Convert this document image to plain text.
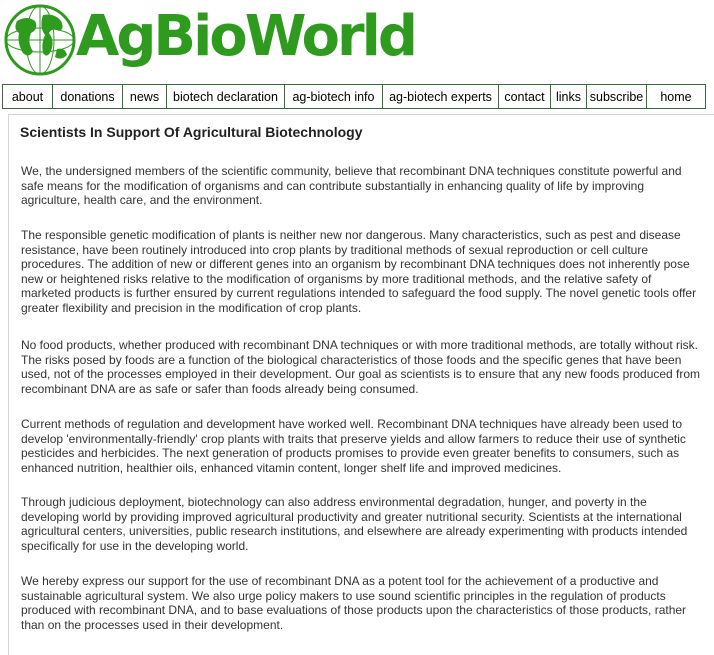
AgBioWorld
about	donations	news	biotech declaration	ag-biotech info	ag-biotech experts contact links subscribe	home
Scientists In Support Of Agricultural Biotechnology

We, the undersigned members of the scientific community, believe that recombinant DNA techniques constitute powerful and safe means for the modification of organisms and can contribute substantially in enhancing quality of life by improving agriculture, health care, and the environment.

The responsible genetic modification of plants is neither new nor dangerous. Many characteristics, such as pest and disease resistance, have been routinely introduced into crop plants by traditional methods of sexual reproduction or cell culture procedures. The addition of new or different genes into an organism by recombinant DNA techniques does not inherently pose new or heightened risks relative to the modification of organisms by more traditional methods, and the relative safety of marketed products is further ensured by current regulations intended to safeguard the food supply. The novel genetic tools offer greater flexibility and precision in the modification of crop plants.

No food products, whether produced with recombinant DNA techniques or with more traditional methods, are totally without risk. The risks posed by foods are a function of the biological characteristics of those foods and the specific genes that have been used, not of the processes employed in their development. Our goal as scientists is to ensure that any new foods produced from recombinant DNA are as safe or safer than foods already being consumed.

Current methods of regulation and development have worked well. Recombinant DNA techniques have already been used to develop 'environmentally-friendly' crop plants with traits that preserve yields and allow farmers to reduce their use of synthetic pesticides and herbicides. The next generation of products promises to provide even greater benefits to consumers, such as enhanced nutrition, healthier oils, enhanced vitamin content, longer shelf life and improved medicines.

Through judicious deployment, biotechnology can also address environmental degradation, hunger, and poverty in the developing world by providing improved agricultural productivity and greater nutritional security. Scientists at the international agricultural centers, universities, public research institutions, and elsewhere are already experimenting with products intended specifically for use in the developing world.

We hereby express our support for the use of recombinant DNA as a potent tool for the achievement of a productive and sustainable agricultural system. We also urge policy makers to use sound scientific principles in the regulation of products produced with recombinant DNA, and to base evaluations of those products upon the characteristics of those products, rather than on the processes used in their development.
